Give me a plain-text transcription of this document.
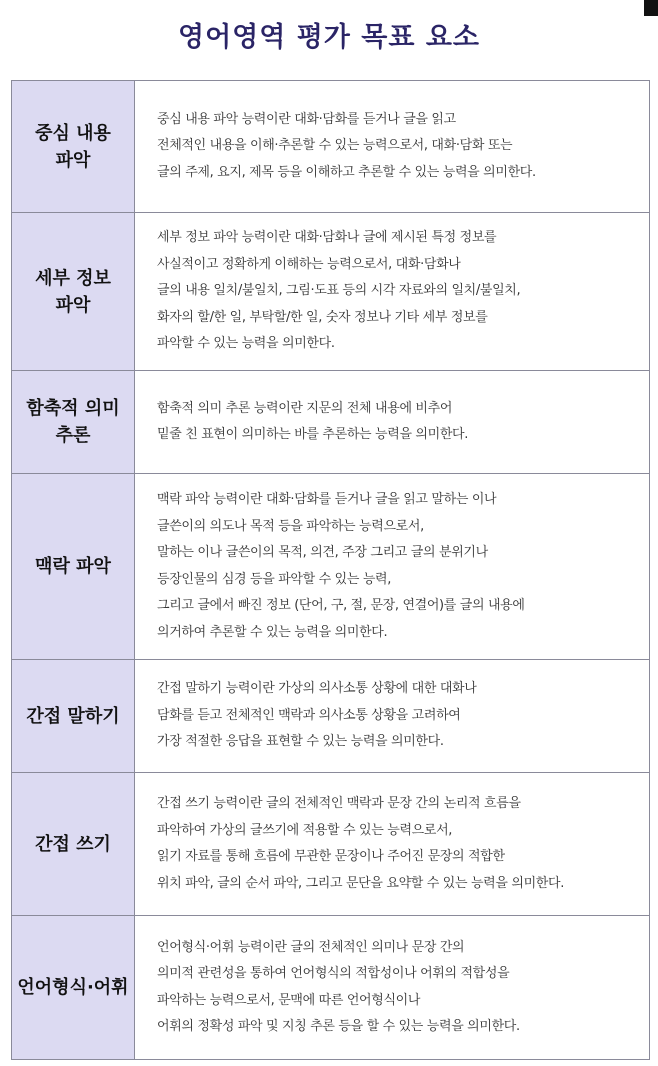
영어영역 평가 목표 요소
중심 내용
파악
중심 내용 파악 능력이란 대화·담화를 듣거나 글을 읽고
전체적인 내용을 이해·추론할 수 있는 능력으로서, 대화·담화 또는
글의 주제, 요지, 제목 등을 이해하고 추론할 수 있는 능력을 의미한다.
세부 정보
파악
세부 정보 파악 능력이란 대화·담화나 글에 제시된 특정 정보를
사실적이고 정확하게 이해하는 능력으로서, 대화·담화나
글의 내용 일치/불일치, 그림·도표 등의 시각 자료와의 일치/불일치,
화자의 할/한 일, 부탁할/한 일, 숫자 정보나 기타 세부 정보를
파악할 수 있는 능력을 의미한다.
함축적 의미
추론
함축적 의미 추론 능력이란 지문의 전체 내용에 비추어
밑줄 친 표현이 의미하는 바를 추론하는 능력을 의미한다.
맥락 파악
맥락 파악 능력이란 대화·담화를 듣거나 글을 읽고 말하는 이나
글쓴이의 의도나 목적 등을 파악하는 능력으로서,
말하는 이나 글쓴이의 목적, 의견, 주장 그리고 글의 분위기나
등장인물의 심경 등을 파악할 수 있는 능력,
그리고 글에서 빠진 정보 (단어, 구, 절, 문장, 연결어)를 글의 내용에
의거하여 추론할 수 있는 능력을 의미한다.
간접 말하기
간접 말하기 능력이란 가상의 의사소통 상황에 대한 대화나
담화를 듣고 전체적인 맥락과 의사소통 상황을 고려하여
가장 적절한 응답을 표현할 수 있는 능력을 의미한다.
간접 쓰기
간접 쓰기 능력이란 글의 전체적인 맥락과 문장 간의 논리적 흐름을
파악하여 가상의 글쓰기에 적용할 수 있는 능력으로서,
읽기 자료를 통해 흐름에 무관한 문장이나 주어진 문장의 적합한
위치 파악, 글의 순서 파악, 그리고 문단을 요약할 수 있는 능력을 의미한다.
언어형식·어휘
언어형식·어휘 능력이란 글의 전체적인 의미나 문장 간의
의미적 관련성을 통하여 언어형식의 적합성이나 어휘의 적합성을
파악하는 능력으로서, 문맥에 따른 언어형식이나
어휘의 정확성 파악 및 지칭 추론 등을 할 수 있는 능력을 의미한다.
